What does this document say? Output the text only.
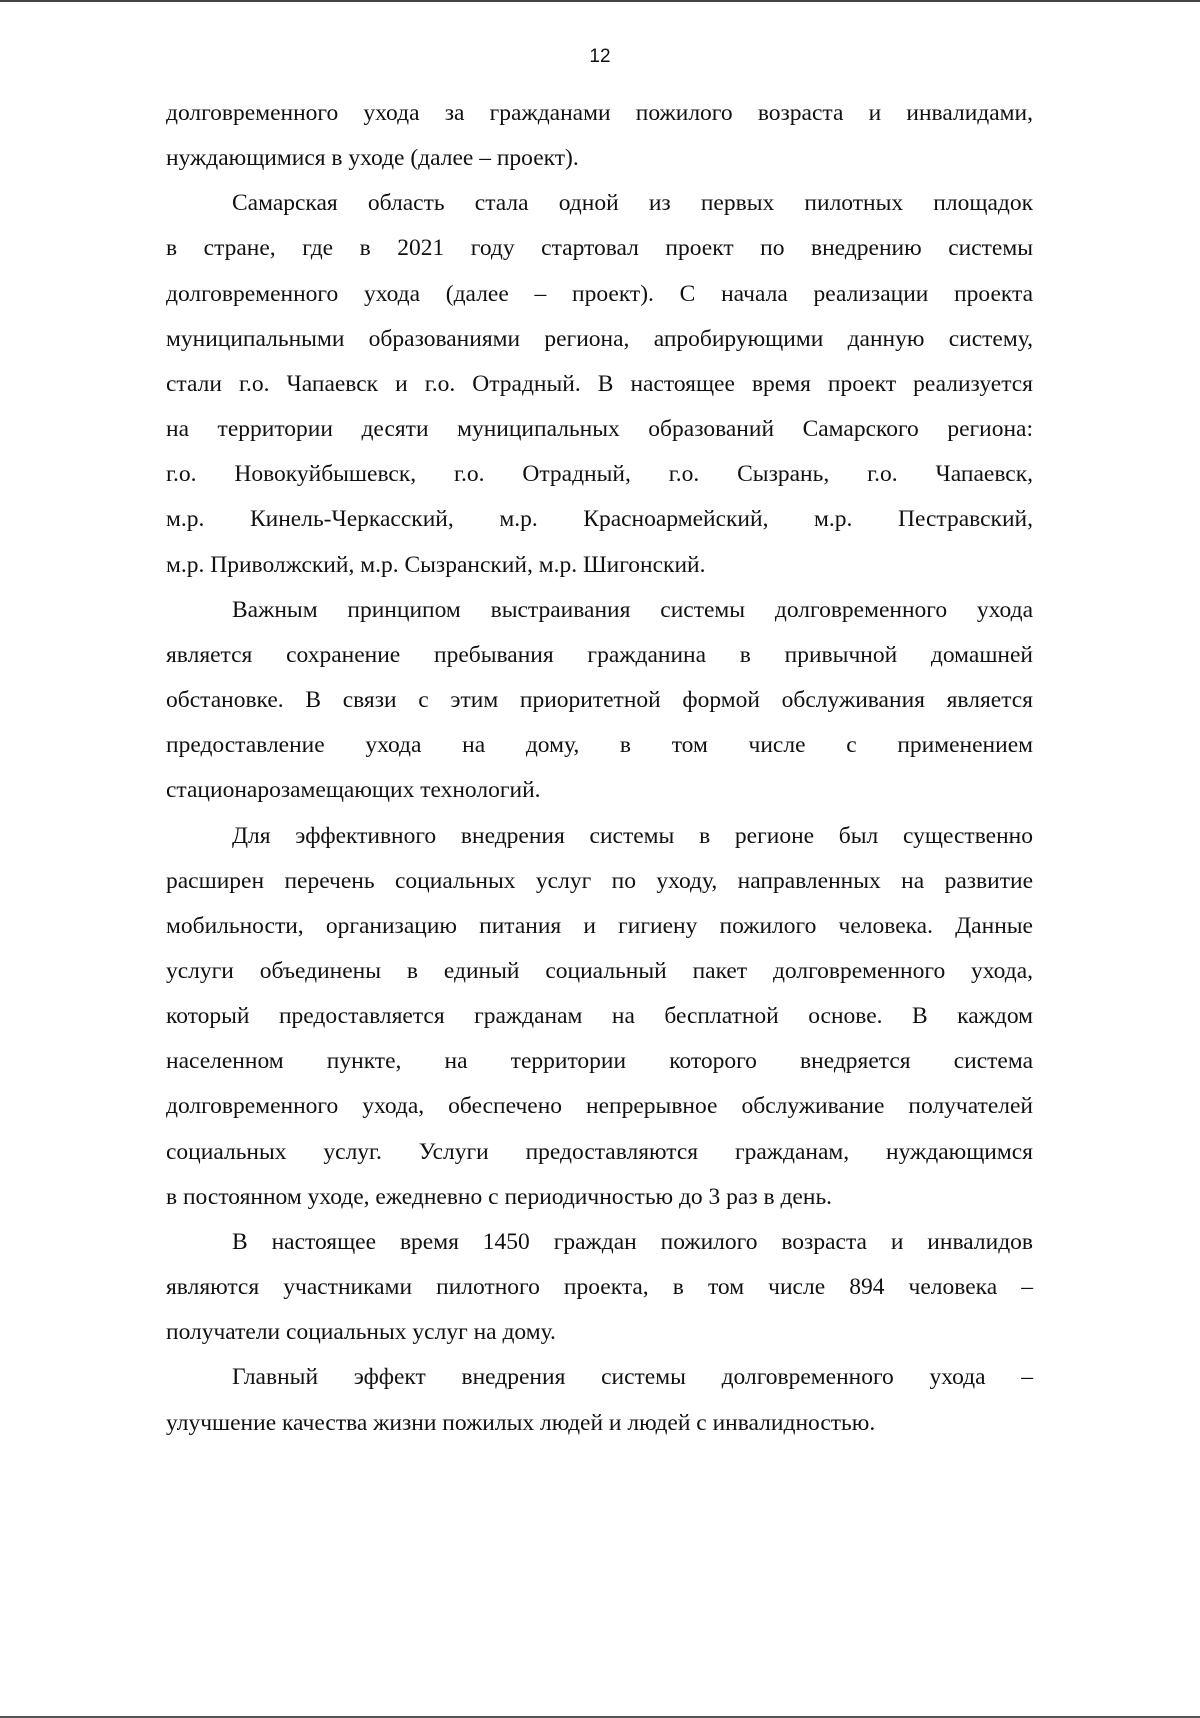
12
долговременного ухода за гражданами пожилого возраста и инвалидами,
нуждающимися в уходе (далее – проект).
Самарская область стала одной из первых пилотных площадок
в стране, где в 2021 году стартовал проект по внедрению системы
долговременного ухода (далее – проект). С начала реализации проекта
муниципальными образованиями региона, апробирующими данную систему,
стали г.о. Чапаевск и г.о. Отрадный. В настоящее время проект реализуется
на территории десяти муниципальных образований Самарского региона:
г.о. Новокуйбышевск, г.о. Отрадный, г.о. Сызрань, г.о. Чапаевск,
м.р. Кинель-Черкасский, м.р. Красноармейский, м.р. Пестравский,
м.р. Приволжский, м.р. Сызранский, м.р. Шигонский.
Важным принципом выстраивания системы долговременного ухода
является сохранение пребывания гражданина в привычной домашней
обстановке. В связи с этим приоритетной формой обслуживания является
предоставление ухода на дому, в том числе с применением
стационарозамещающих технологий.
Для эффективного внедрения системы в регионе был существенно
расширен перечень социальных услуг по уходу, направленных на развитие
мобильности, организацию питания и гигиену пожилого человека. Данные
услуги объединены в единый социальный пакет долговременного ухода,
который предоставляется гражданам на бесплатной основе. В каждом
населенном пункте, на территории которого внедряется система
долговременного ухода, обеспечено непрерывное обслуживание получателей
социальных услуг. Услуги предоставляются гражданам, нуждающимся
в постоянном уходе, ежедневно с периодичностью до 3 раз в день.
В настоящее время 1450 граждан пожилого возраста и инвалидов
являются участниками пилотного проекта, в том числе 894 человека –
получатели социальных услуг на дому.
Главный эффект внедрения системы долговременного ухода –
улучшение качества жизни пожилых людей и людей с инвалидностью.
